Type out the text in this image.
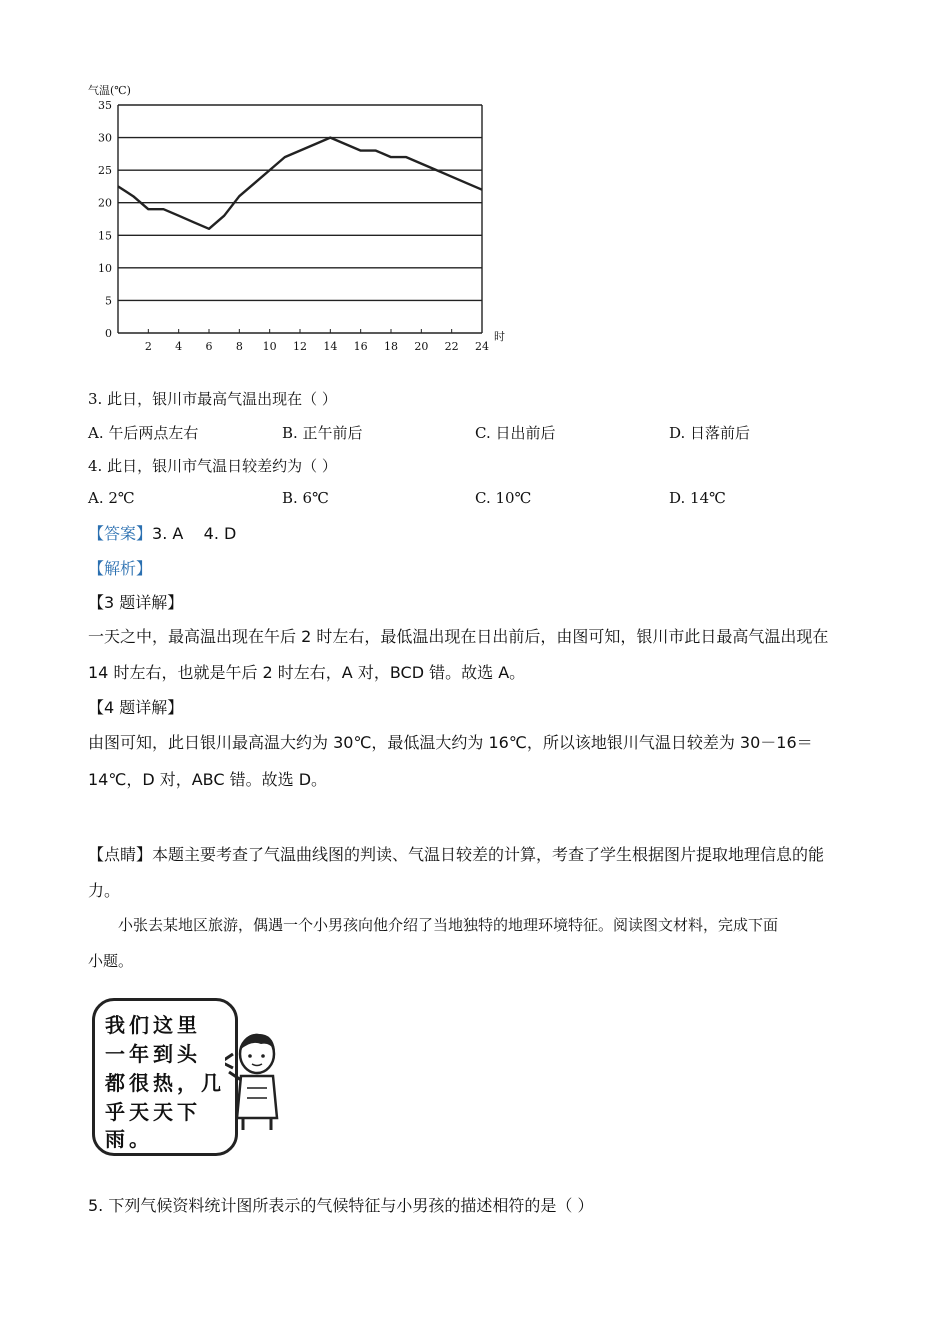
气温(℃)
0
5
10
15
20
25
30
35
2 4 6 8 10 12 14 16 18 20 22 24
时
3. 此日，银川市最高气温出现在（ ）
A. 午后两点左右	B. 正午前后	C. 日出前后	D. 日落前后
4. 此日，银川市气温日较差约为（ ）
A. 2℃	B. 6℃	C. 10℃	D. 14℃
【答案】3. A    4. D
【解析】
【3 题详解】
一天之中，最高温出现在午后 2 时左右，最低温出现在日出前后，由图可知，银川市此日最高气温出现在
14 时左右，也就是午后 2 时左右，A 对，BCD 错。故选 A。
【4 题详解】
由图可知，此日银川最高温大约为 30℃，最低温大约为 16℃，所以该地银川气温日较差为 30－16＝
14℃，D 对，ABC 错。故选 D。
【点睛】本题主要考查了气温曲线图的判读、气温日较差的计算，考查了学生根据图片提取地理信息的能
力。
小张去某地区旅游，偶遇一个小男孩向他介绍了当地独特的地理环境特征。阅读图文材料，完成下面
小题。
我们这里
一年到头
都很热，几
乎天天下
雨。
5. 下列气候资料统计图所表示的气候特征与小男孩的描述相符的是（ ）
